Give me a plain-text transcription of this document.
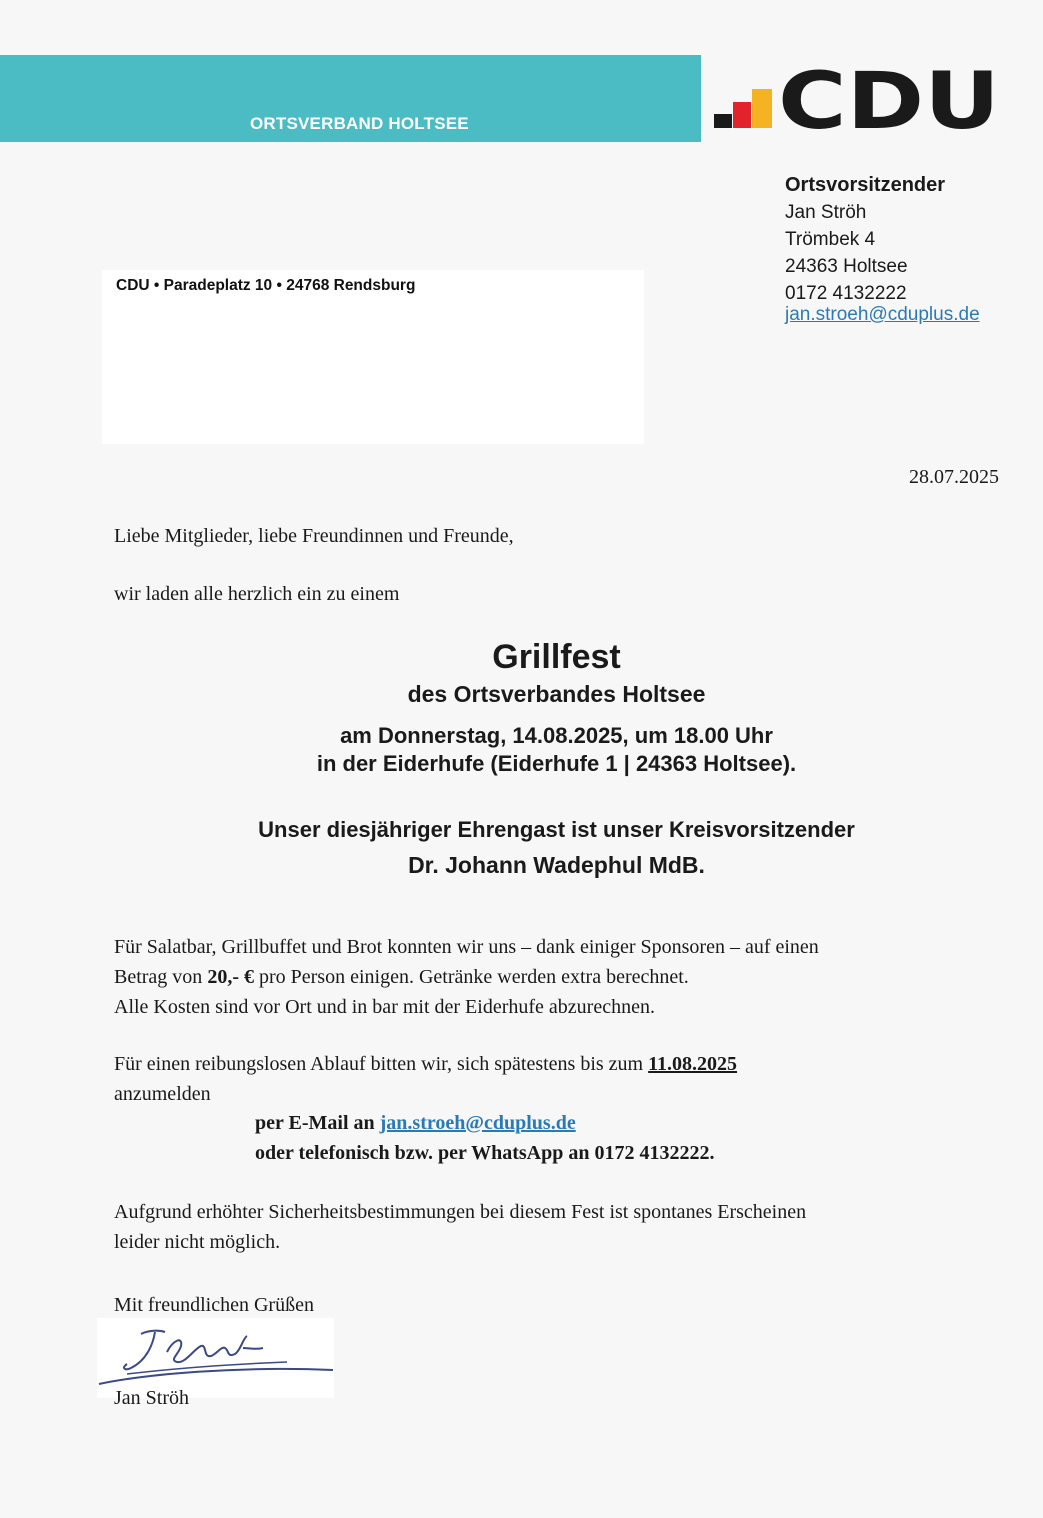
ORTSVERBAND HOLTSEE	CDU
Ortsvorsitzender
Jan Ströh
Trömbek 4
24363 Holtsee
0172 4132222
jan.stroeh@cduplus.de
CDU • Paradeplatz 10 • 24768 Rendsburg
28.07.2025
Liebe Mitglieder, liebe Freundinnen und Freunde,
wir laden alle herzlich ein zu einem
Grillfest
des Ortsverbandes Holtsee
am Donnerstag, 14.08.2025, um 18.00 Uhr
in der Eiderhufe (Eiderhufe 1 | 24363 Holtsee).
Unser diesjähriger Ehrengast ist unser Kreisvorsitzender
Dr. Johann Wadephul MdB.
Für Salatbar, Grillbuffet und Brot konnten wir uns – dank einiger Sponsoren – auf einen
Betrag von 20,- € pro Person einigen. Getränke werden extra berechnet.
Alle Kosten sind vor Ort und in bar mit der Eiderhufe abzurechnen.
Für einen reibungslosen Ablauf bitten wir, sich spätestens bis zum 11.08.2025
anzumelden
per E-Mail an jan.stroeh@cduplus.de
oder telefonisch bzw. per WhatsApp an 0172 4132222.
Aufgrund erhöhter Sicherheitsbestimmungen bei diesem Fest ist spontanes Erscheinen
leider nicht möglich.
Mit freundlichen Grüßen
Jan Ströh
